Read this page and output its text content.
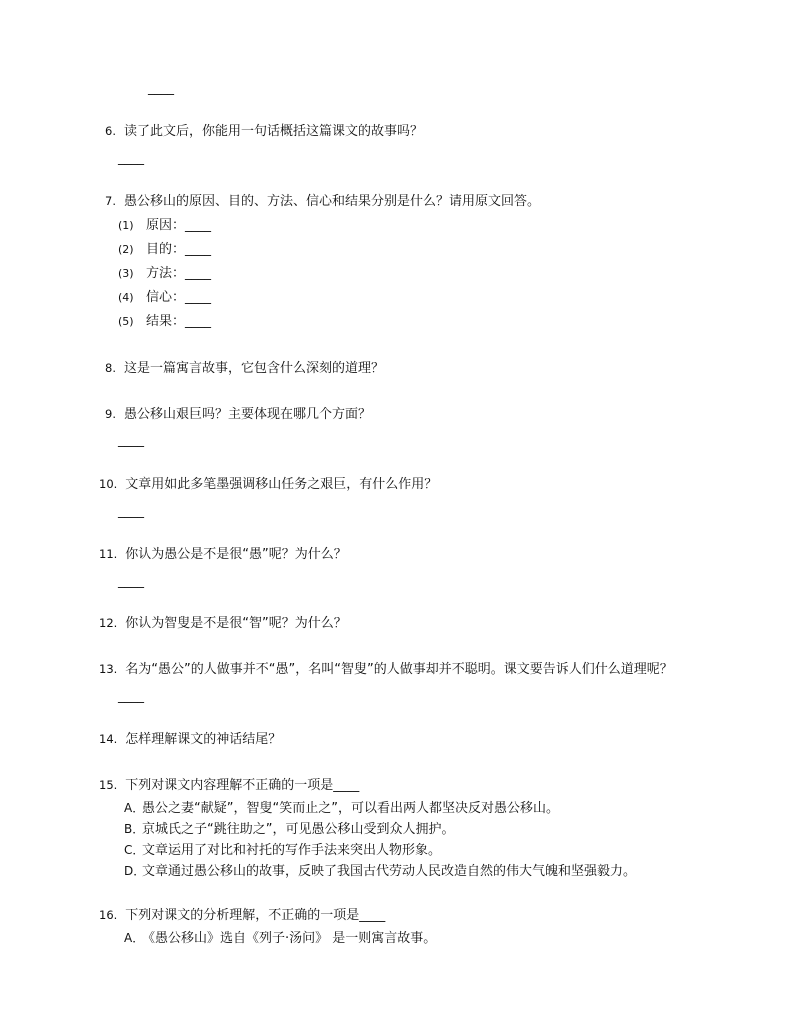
____
6. 读了此文后，你能用一句话概括这篇课文的故事吗？
____
7. 愚公移山的原因、目的、方法、信心和结果分别是什么？请用原文回答。
(1) 原因：____
(2) 目的：____
(3) 方法：____
(4) 信心：____
(5) 结果：____
8. 这是一篇寓言故事，它包含什么深刻的道理？
9. 愚公移山艰巨吗？主要体现在哪几个方面？
____
10. 文章用如此多笔墨强调移山任务之艰巨，有什么作用？
____
11. 你认为愚公是不是很“愚”呢？为什么？
____
12. 你认为智叟是不是很“智”呢？为什么？
13. 名为“愚公”的人做事并不“愚”，名叫“智叟”的人做事却并不聪明。课文要告诉人们什么道理呢？
____
14. 怎样理解课文的神话结尾？
15. 下列对课文内容理解不正确的一项是____
A．愚公之妻“献疑”，智叟“笑而止之”，可以看出两人都坚决反对愚公移山。
B．京城氏之子“跳往助之”，可见愚公移山受到众人拥护。
C．文章运用了对比和衬托的写作手法来突出人物形象。
D．文章通过愚公移山的故事，反映了我国古代劳动人民改造自然的伟大气魄和坚强毅力。
16. 下列对课文的分析理解，不正确的一项是____
A．《愚公移山》选自《列子·汤问》 是一则寓言故事。
